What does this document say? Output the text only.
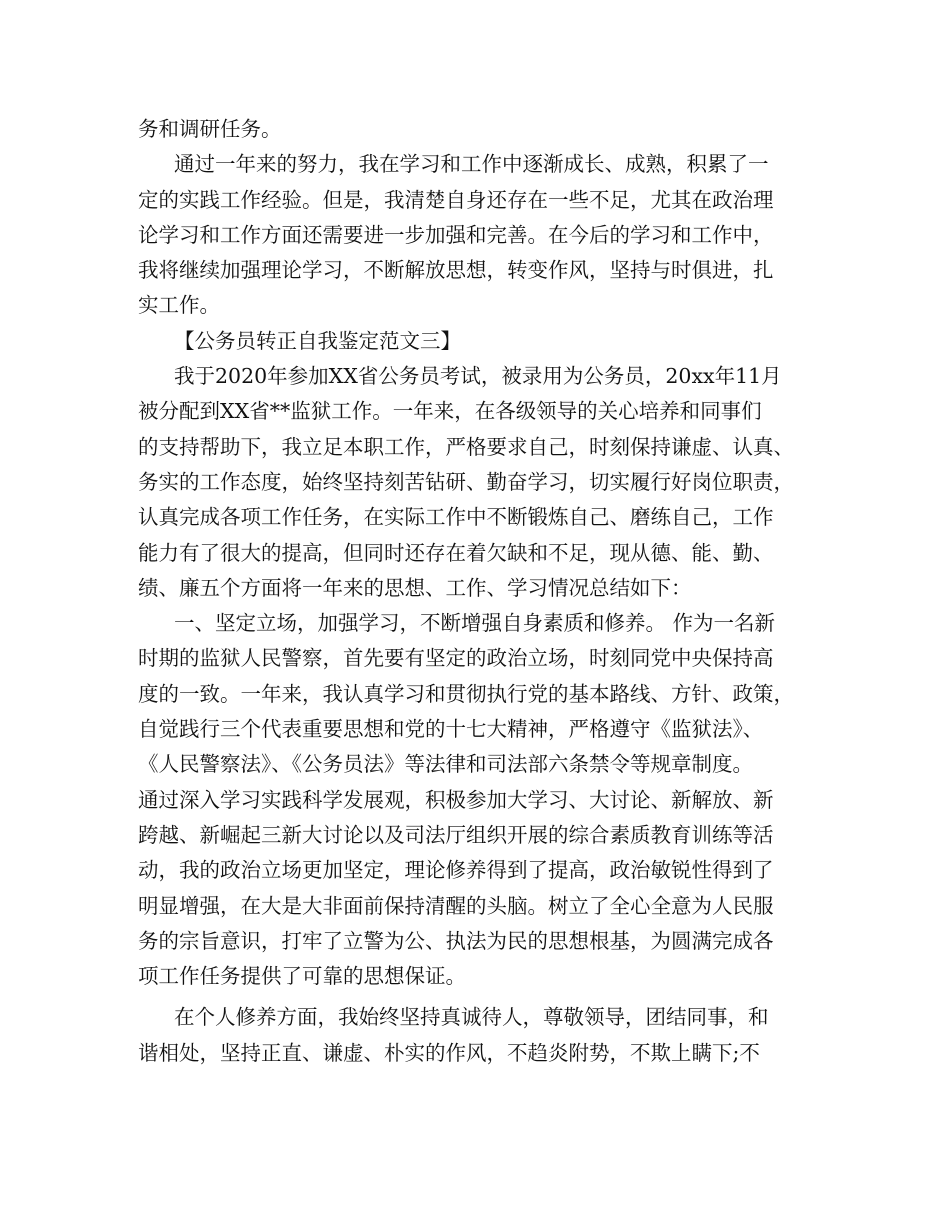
务和调研任务。
通过一年来的努力，我在学习和工作中逐渐成长、成熟，积累了一
定的实践工作经验。但是，我清楚自身还存在一些不足，尤其在政治理
论学习和工作方面还需要进一步加强和完善。在今后的学习和工作中，
我将继续加强理论学习，不断解放思想，转变作风，坚持与时俱进，扎
实工作。
【公务员转正自我鉴定范文三】
我于2020年参加XX省公务员考试，被录用为公务员，20xx年11月
被分配到XX省**监狱工作。一年来，在各级领导的关心培养和同事们
的支持帮助下，我立足本职工作，严格要求自己，时刻保持谦虚、认真、
务实的工作态度，始终坚持刻苦钻研、勤奋学习，切实履行好岗位职责，
认真完成各项工作任务，在实际工作中不断锻炼自己、磨练自己，工作
能力有了很大的提高，但同时还存在着欠缺和不足，现从德、能、勤、
绩、廉五个方面将一年来的思想、工作、学习情况总结如下：
一、坚定立场，加强学习，不断增强自身素质和修养。 作为一名新
时期的监狱人民警察，首先要有坚定的政治立场，时刻同党中央保持高
度的一致。一年来，我认真学习和贯彻执行党的基本路线、方针、政策，
自觉践行三个代表重要思想和党的十七大精神，严格遵守《监狱法》、
《人民警察法》、《公务员法》等法律和司法部六条禁令等规章制度。
通过深入学习实践科学发展观，积极参加大学习、大讨论、新解放、新
跨越、新崛起三新大讨论以及司法厅组织开展的综合素质教育训练等活
动，我的政治立场更加坚定，理论修养得到了提高，政治敏锐性得到了
明显增强，在大是大非面前保持清醒的头脑。树立了全心全意为人民服
务的宗旨意识，打牢了立警为公、执法为民的思想根基，为圆满完成各
项工作任务提供了可靠的思想保证。
在个人修养方面，我始终坚持真诚待人，尊敬领导，团结同事，和
谐相处，坚持正直、谦虚、朴实的作风，不趋炎附势，不欺上瞒下;不
